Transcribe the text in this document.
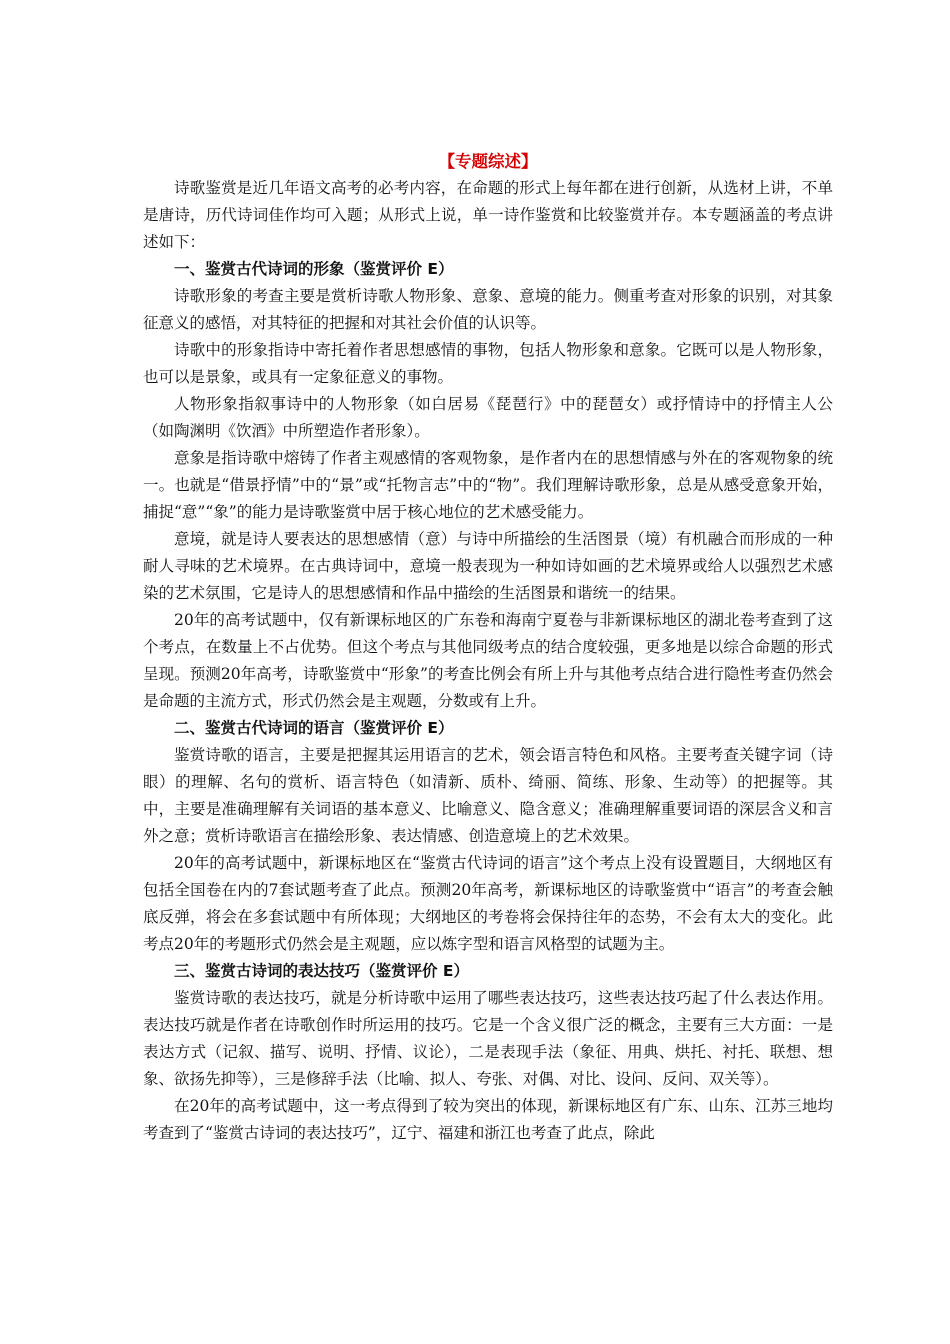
【专题综述】

诗歌鉴赏是近几年语文高考的必考内容，在命题的形式上每年都在进行创新，从选材上讲，不单是唐诗，历代诗词佳作均可入题；从形式上说，单一诗作鉴赏和比较鉴赏并存。本专题涵盖的考点讲述如下：

一、鉴赏古代诗词的形象（鉴赏评价 E）

诗歌形象的考查主要是赏析诗歌人物形象、意象、意境的能力。侧重考查对形象的识别，对其象征意义的感悟，对其特征的把握和对其社会价值的认识等。

诗歌中的形象指诗中寄托着作者思想感情的事物，包括人物形象和意象。它既可以是人物形象，也可以是景象，或具有一定象征意义的事物。

人物形象指叙事诗中的人物形象（如白居易《琵琶行》中的琵琶女）或抒情诗中的抒情主人公（如陶渊明《饮酒》中所塑造作者形象）。

意象是指诗歌中熔铸了作者主观感情的客观物象，是作者内在的思想情感与外在的客观物象的统一。也就是“借景抒情”中的“景”或“托物言志”中的“物”。我们理解诗歌形象，总是从感受意象开始，捕捉“意”“象”的能力是诗歌鉴赏中居于核心地位的艺术感受能力。

意境，就是诗人要表达的思想感情（意）与诗中所描绘的生活图景（境）有机融合而形成的一种耐人寻味的艺术境界。在古典诗词中，意境一般表现为一种如诗如画的艺术境界或给人以强烈艺术感染的艺术氛围，它是诗人的思想感情和作品中描绘的生活图景和谐统一的结果。

20年的高考试题中，仅有新课标地区的广东卷和海南宁夏卷与非新课标地区的湖北卷考查到了这个考点，在数量上不占优势。但这个考点与其他同级考点的结合度较强，更多地是以综合命题的形式呈现。预测20年高考，诗歌鉴赏中“形象”的考查比例会有所上升与其他考点结合进行隐性考查仍然会是命题的主流方式，形式仍然会是主观题，分数或有上升。

二、鉴赏古代诗词的语言（鉴赏评价 E）

鉴赏诗歌的语言，主要是把握其运用语言的艺术，领会语言特色和风格。主要考查关键字词（诗眼）的理解、名句的赏析、语言特色（如清新、质朴、绮丽、简练、形象、生动等）的把握等。其中，主要是准确理解有关词语的基本意义、比喻意义、隐含意义；准确理解重要词语的深层含义和言外之意；赏析诗歌语言在描绘形象、表达情感、创造意境上的艺术效果。

20年的高考试题中，新课标地区在“鉴赏古代诗词的语言”这个考点上没有设置题目，大纲地区有包括全国卷在内的7套试题考查了此点。预测20年高考，新课标地区的诗歌鉴赏中“语言”的考查会触底反弹，将会在多套试题中有所体现；大纲地区的考卷将会保持往年的态势，不会有太大的变化。此考点20年的考题形式仍然会是主观题，应以炼字型和语言风格型的试题为主。

三、鉴赏古诗词的表达技巧（鉴赏评价 E）

鉴赏诗歌的表达技巧，就是分析诗歌中运用了哪些表达技巧，这些表达技巧起了什么表达作用。表达技巧就是作者在诗歌创作时所运用的技巧。它是一个含义很广泛的概念，主要有三大方面：一是表达方式（记叙、描写、说明、抒情、议论），二是表现手法（象征、用典、烘托、衬托、联想、想象、欲扬先抑等），三是修辞手法（比喻、拟人、夸张、对偶、对比、设问、反问、双关等）。

在20年的高考试题中，这一考点得到了较为突出的体现，新课标地区有广东、山东、江苏三地均考查到了“鉴赏古诗词的表达技巧”，辽宁、福建和浙江也考查了此点，除此
